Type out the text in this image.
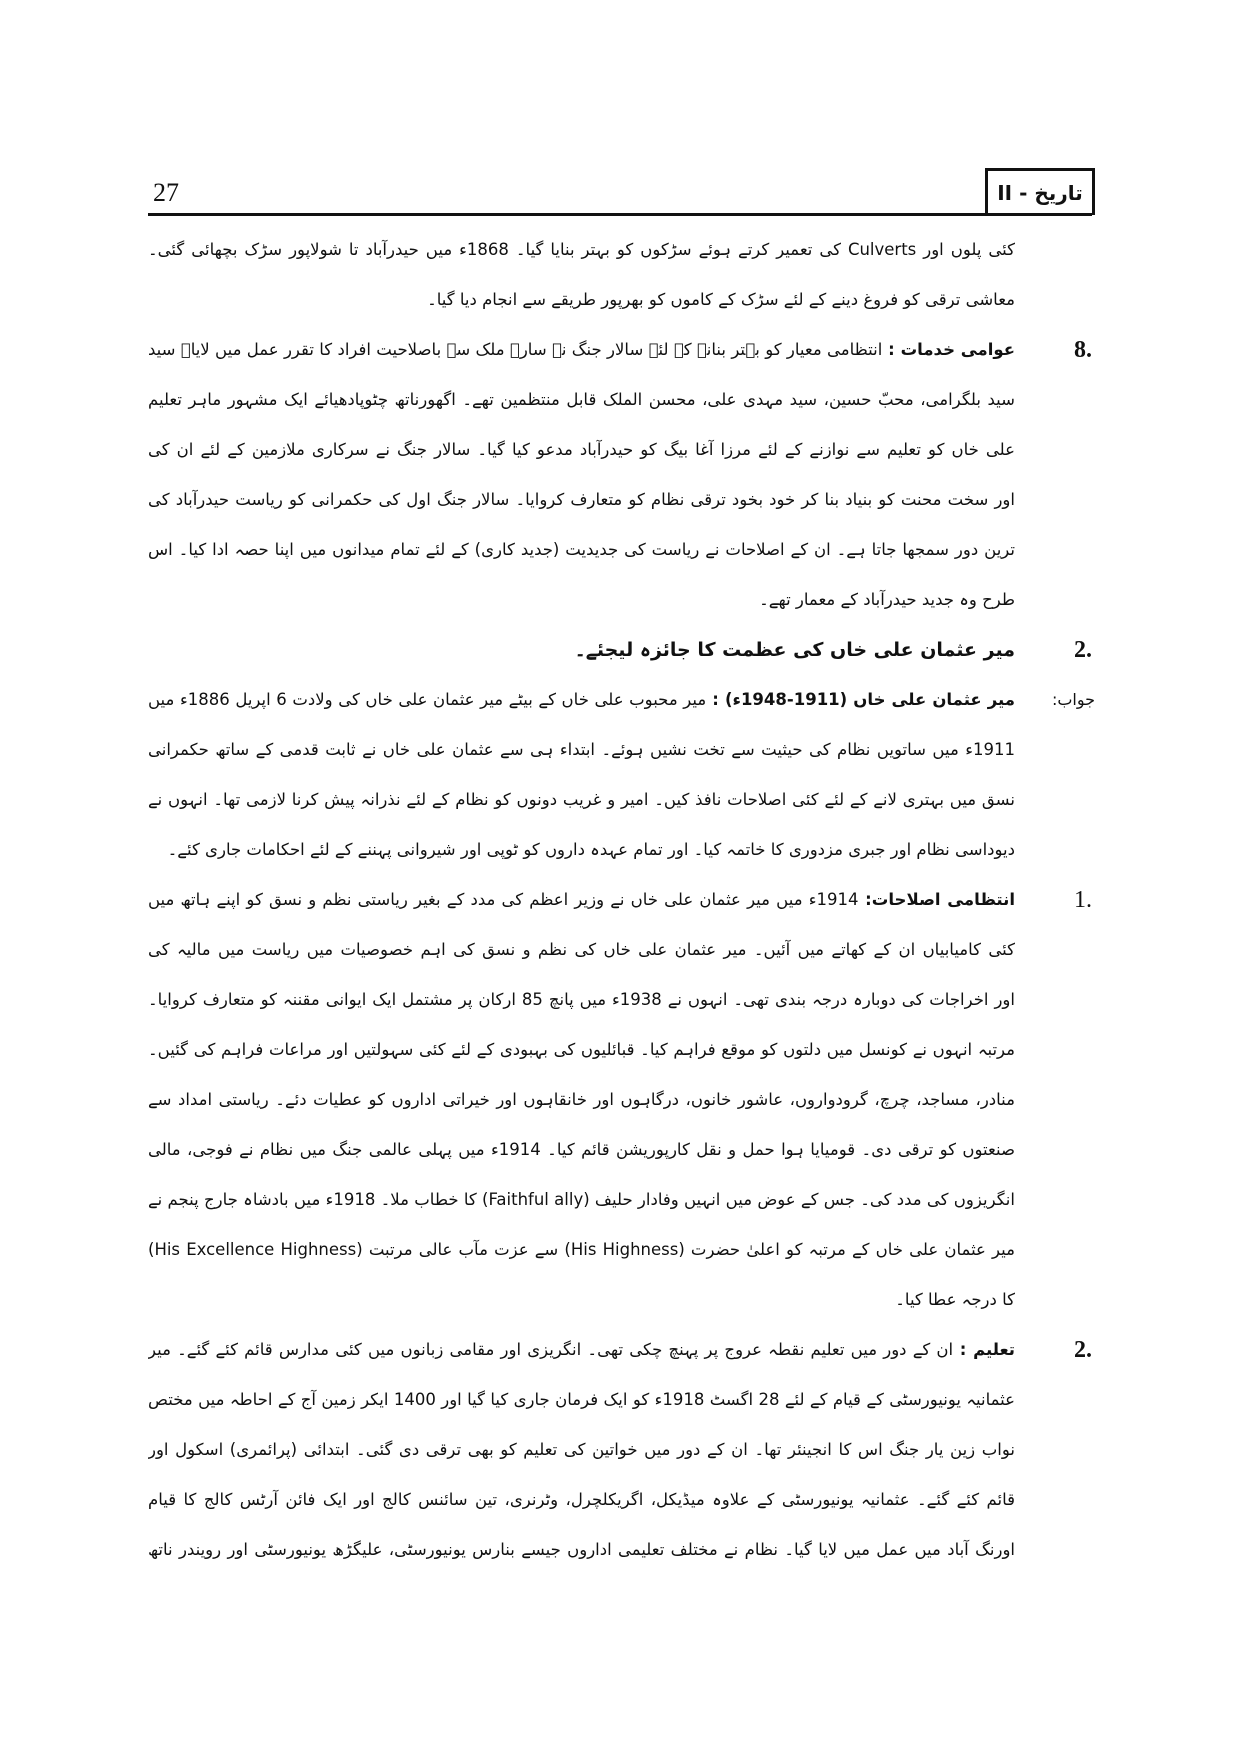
27	تاریخ - II
کئی پلوں اور Culverts کی تعمیر کرتے ہوئے سڑکوں کو بہتر بنایا گیا۔ 1868ء میں حیدرآباد تا شولاپور سڑک بچھائی گئی۔
معاشی ترقی کو فروغ دینے کے لئے سڑک کے کاموں کو بھرپور طریقے سے انجام دیا گیا۔
8.
عوامی خدمات : انتظامی معیار کو بہتر بنانے کے لئے سالار جنگ نے سارے ملک سے باصلاحیت افراد کا تقرر عمل میں لایا۔ سید
سید بلگرامی، محبّ حسین، سید مہدی علی، محسن الملک قابل منتظمین تھے۔ اگھورناتھ چٹوپادھیائے ایک مشہور ماہر تعلیم
علی خاں کو تعلیم سے نوازنے کے لئے مرزا آغا بیگ کو حیدرآباد مدعو کیا گیا۔ سالار جنگ نے سرکاری ملازمین کے لئے ان کی
اور سخت محنت کو بنیاد بنا کر خود بخود ترقی نظام کو متعارف کروایا۔ سالار جنگ اول کی حکمرانی کو ریاست حیدرآباد کی
ترین دور سمجھا جاتا ہے۔ ان کے اصلاحات نے ریاست کی جدیدیت (جدید کاری) کے لئے تمام میدانوں میں اپنا حصہ ادا کیا۔ اس
طرح وہ جدید حیدرآباد کے معمار تھے۔
2.
میر عثمان علی خاں کی عظمت کا جائزہ لیجئے۔
جواب:
میر عثمان علی خاں (1911-1948ء) : میر محبوب علی خاں کے بیٹے میر عثمان علی خاں کی ولادت 6 اپریل 1886ء میں
1911ء میں ساتویں نظام کی حیثیت سے تخت نشیں ہوئے۔ ابتداء ہی سے عثمان علی خاں نے ثابت قدمی کے ساتھ حکمرانی
نسق میں بہتری لانے کے لئے کئی اصلاحات نافذ کیں۔ امیر و غریب دونوں کو نظام کے لئے نذرانہ پیش کرنا لازمی تھا۔ انہوں نے
دیوداسی نظام اور جبری مزدوری کا خاتمہ کیا۔ اور تمام عہدہ داروں کو ٹوپی اور شیروانی پہننے کے لئے احکامات جاری کئے۔
1.
انتظامی اصلاحات: 1914ء میں میر عثمان علی خاں نے وزیر اعظم کی مدد کے بغیر ریاستی نظم و نسق کو اپنے ہاتھ میں
کئی کامیابیاں ان کے کھاتے میں آئیں۔ میر عثمان علی خاں کی نظم و نسق کی اہم خصوصیات میں ریاست میں مالیہ کی
اور اخراجات کی دوبارہ درجہ بندی تھی۔ انہوں نے 1938ء میں پانچ 85 ارکان پر مشتمل ایک ایوانی مقننہ کو متعارف کروایا۔
مرتبہ انہوں نے کونسل میں دلتوں کو موقع فراہم کیا۔ قبائلیوں کی بہبودی کے لئے کئی سہولتیں اور مراعات فراہم کی گئیں۔
منادر، مساجد، چرچ، گرودواروں، عاشور خانوں، درگاہوں اور خانقاہوں اور خیراتی اداروں کو عطیات دئے۔ ریاستی امداد سے
صنعتوں کو ترقی دی۔ قومیایا ہوا حمل و نقل کارپوریشن قائم کیا۔ 1914ء میں پہلی عالمی جنگ میں نظام نے فوجی، مالی
انگریزوں کی مدد کی۔ جس کے عوض میں انہیں وفادار حلیف (Faithful ally) کا خطاب ملا۔ 1918ء میں بادشاہ جارج پنجم نے
میر عثمان علی خاں کے مرتبہ کو اعلیٰ حضرت (His Highness) سے عزت مآب عالی مرتبت (His Excellence Highness)
کا درجہ عطا کیا۔
2.
تعلیم : ان کے دور میں تعلیم نقطہ عروج پر پہنچ چکی تھی۔ انگریزی اور مقامی زبانوں میں کئی مدارس قائم کئے گئے۔ میر
عثمانیہ یونیورسٹی کے قیام کے لئے 28 اگسٹ 1918ء کو ایک فرمان جاری کیا گیا اور 1400 ایکر زمین آج کے احاطہ میں مختص
نواب زین یار جنگ اس کا انجینئر تھا۔ ان کے دور میں خواتین کی تعلیم کو بھی ترقی دی گئی۔ ابتدائی (پرائمری) اسکول اور
قائم کئے گئے۔ عثمانیہ یونیورسٹی کے علاوہ میڈیکل، اگریکلچرل، وٹرنری، تین سائنس کالج اور ایک فائن آرٹس کالج کا قیام
اورنگ آباد میں عمل میں لایا گیا۔ نظام نے مختلف تعلیمی اداروں جیسے بنارس یونیورسٹی، علیگڑھ یونیورسٹی اور رویندر ناتھ
